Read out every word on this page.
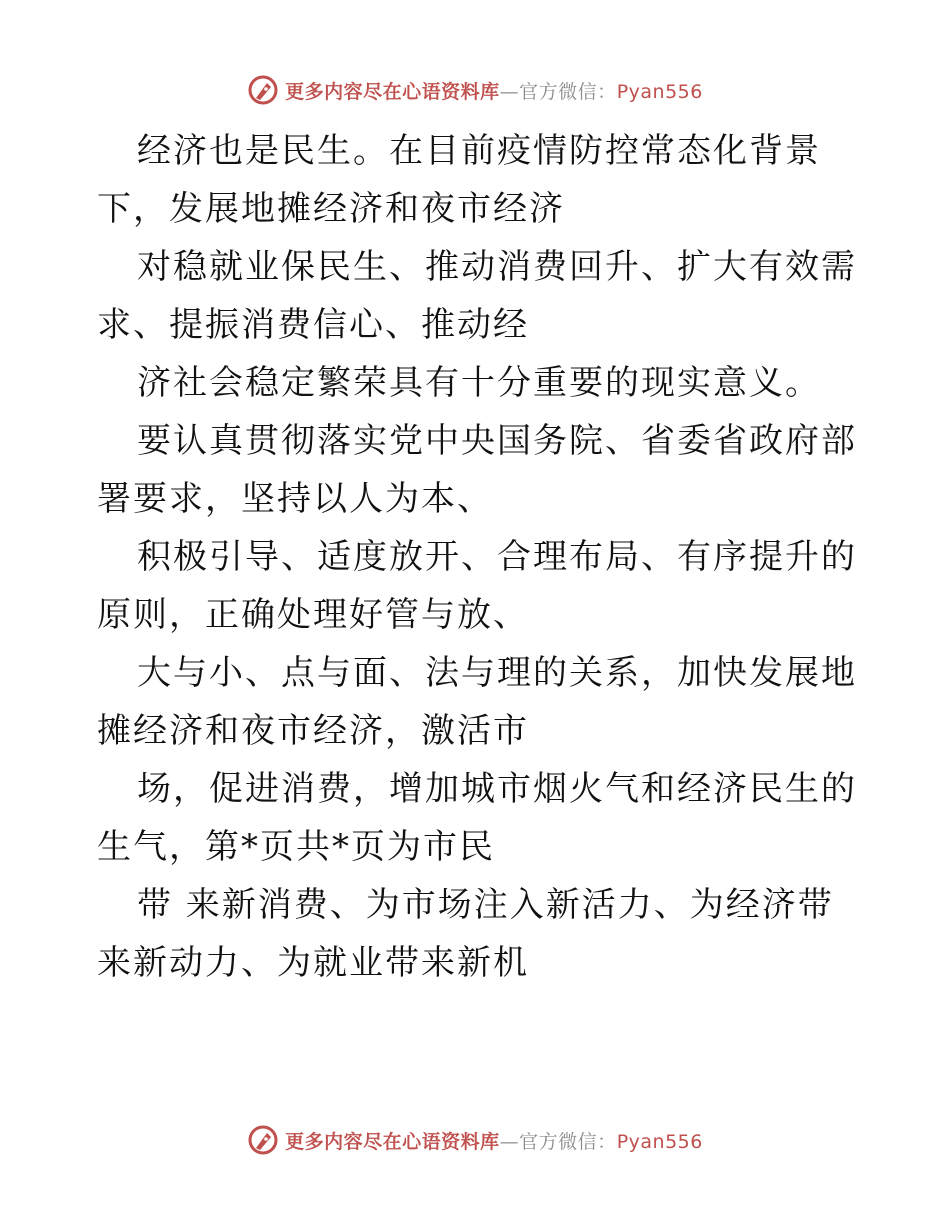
更多内容尽在心语资料库—官方微信：Pyan556

经济也是民生。在目前疫情防控常态化背景下，发展地摊经济和夜市经济

对稳就业保民生、推动消费回升、扩大有效需求、提振消费信心、推动经

济社会稳定繁荣具有十分重要的现实意义。

要认真贯彻落实党中央国务院、省委省政府部署要求，坚持以人为本、

积极引导、适度放开、合理布局、有序提升的原则，正确处理好管与放、

大与小、点与面、法与理的关系，加快发展地摊经济和夜市经济，激活市

场，促进消费，增加城市烟火气和经济民生的生气，第*页共*页为市民

带 来新消费、为市场注入新活力、为经济带来新动力、为就业带来新机

更多内容尽在心语资料库—官方微信：Pyan556
